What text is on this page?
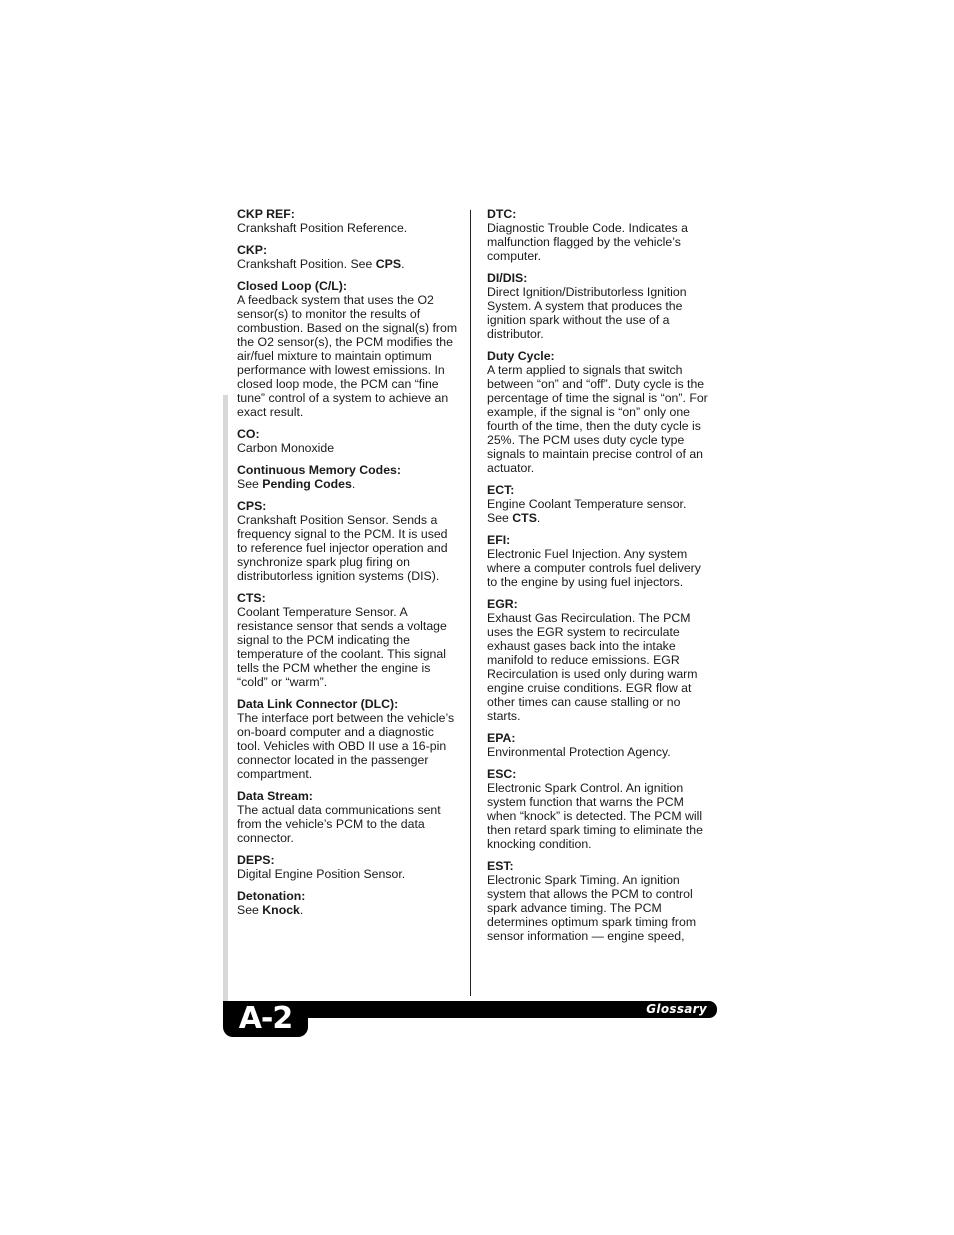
CKP REF:
Crankshaft Position Reference.
CKP:
Crankshaft Position. See CPS.
Closed Loop (C/L):
A feedback system that uses the O2 sensor(s) to monitor the results of combustion. Based on the signal(s) from the O2 sensor(s), the PCM modifies the air/fuel mixture to maintain optimum performance with lowest emissions. In closed loop mode, the PCM can “fine tune” control of a system to achieve an exact result.
CO:
Carbon Monoxide
Continuous Memory Codes:
See Pending Codes.
CPS:
Crankshaft Position Sensor. Sends a frequency signal to the PCM. It is used to reference fuel injector operation and synchronize spark plug firing on distributorless ignition systems (DIS).
CTS:
Coolant Temperature Sensor. A resistance sensor that sends a voltage signal to the PCM indicating the temperature of the coolant. This signal tells the PCM whether the engine is “cold” or “warm”.
Data Link Connector (DLC):
The interface port between the vehicle’s on-board computer and a diagnostic tool. Vehicles with OBD II use a 16-pin connector located in the passenger compartment.
Data Stream:
The actual data communications sent from the vehicle’s PCM to the data connector.
DEPS:
Digital Engine Position Sensor.
Detonation:
See Knock.
DTC:
Diagnostic Trouble Code. Indicates a malfunction flagged by the vehicle’s computer.
DI/DIS:
Direct Ignition/Distributorless Ignition System. A system that produces the ignition spark without the use of a distributor.
Duty Cycle:
A term applied to signals that switch between “on” and “off”. Duty cycle is the percentage of time the signal is “on”. For example, if the signal is “on” only one fourth of the time, then the duty cycle is 25%. The PCM uses duty cycle type signals to maintain precise control of an actuator.
ECT:
Engine Coolant Temperature sensor. See CTS.
EFI:
Electronic Fuel Injection. Any system where a computer controls fuel delivery to the engine by using fuel injectors.
EGR:
Exhaust Gas Recirculation. The PCM uses the EGR system to recirculate exhaust gases back into the intake manifold to reduce emissions. EGR Recirculation is used only during warm engine cruise conditions. EGR flow at other times can cause stalling or no starts.
EPA:
Environmental Protection Agency.
ESC:
Electronic Spark Control. An ignition system function that warns the PCM when “knock” is detected. The PCM will then retard spark timing to eliminate the knocking condition.
EST:
Electronic Spark Timing. An ignition system that allows the PCM to control spark advance timing. The PCM determines optimum spark timing from sensor information — engine speed,
Glossary
A-2
